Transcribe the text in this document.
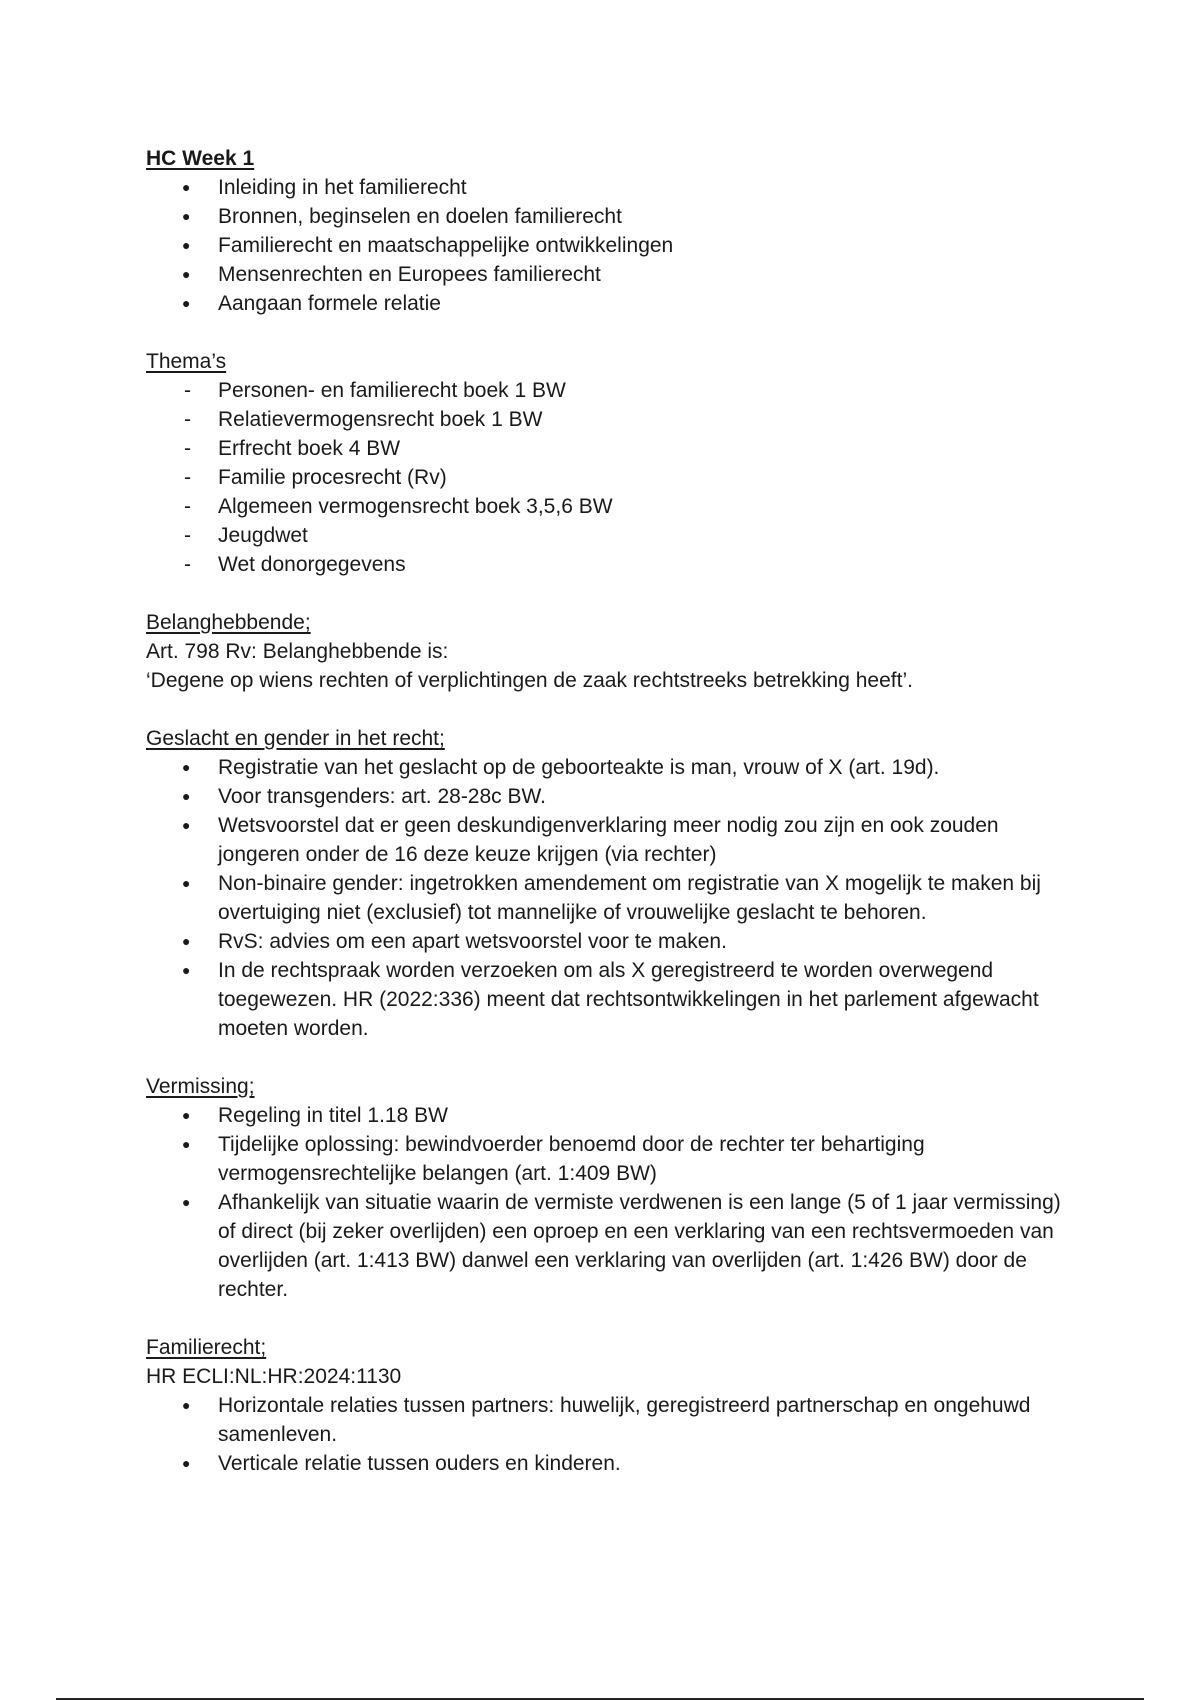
HC Week 1

● Inleiding in het familierecht
● Bronnen, beginselen en doelen familierecht
● Familierecht en maatschappelijke ontwikkelingen
● Mensenrechten en Europees familierecht
● Aangaan formele relatie

Thema’s

- Personen- en familierecht boek 1 BW
- Relatievermogensrecht boek 1 BW
- Erfrecht boek 4 BW
- Familie procesrecht (Rv)
- Algemeen vermogensrecht boek 3,5,6 BW
- Jeugdwet
- Wet donorgegevens

Belanghebbende;

Art. 798 Rv: Belanghebbende is:

‘Degene op wiens rechten of verplichtingen de zaak rechtstreeks betrekking heeft’.

Geslacht en gender in het recht;

● Registratie van het geslacht op de geboorteakte is man, vrouw of X (art. 19d).
● Voor transgenders: art. 28-28c BW.
● Wetsvoorstel dat er geen deskundigenverklaring meer nodig zou zijn en ook zouden jongeren onder de 16 deze keuze krijgen (via rechter)
● Non-binaire gender: ingetrokken amendement om registratie van X mogelijk te maken bij overtuiging niet (exclusief) tot mannelijke of vrouwelijke geslacht te behoren.
● RvS: advies om een apart wetsvoorstel voor te maken.
● In de rechtspraak worden verzoeken om als X geregistreerd te worden overwegend toegewezen. HR (2022:336) meent dat rechtsontwikkelingen in het parlement afgewacht moeten worden.

Vermissing;

● Regeling in titel 1.18 BW
● Tijdelijke oplossing: bewindvoerder benoemd door de rechter ter behartiging vermogensrechtelijke belangen (art. 1:409 BW)
● Afhankelijk van situatie waarin de vermiste verdwenen is een lange (5 of 1 jaar vermissing) of direct (bij zeker overlijden) een oproep en een verklaring van een rechtsvermoeden van overlijden (art. 1:413 BW) danwel een verklaring van overlijden (art. 1:426 BW) door de rechter.

Familierecht;

HR ECLI:NL:HR:2024:1130

● Horizontale relaties tussen partners: huwelijk, geregistreerd partnerschap en ongehuwd samenleven.
● Verticale relatie tussen ouders en kinderen.
